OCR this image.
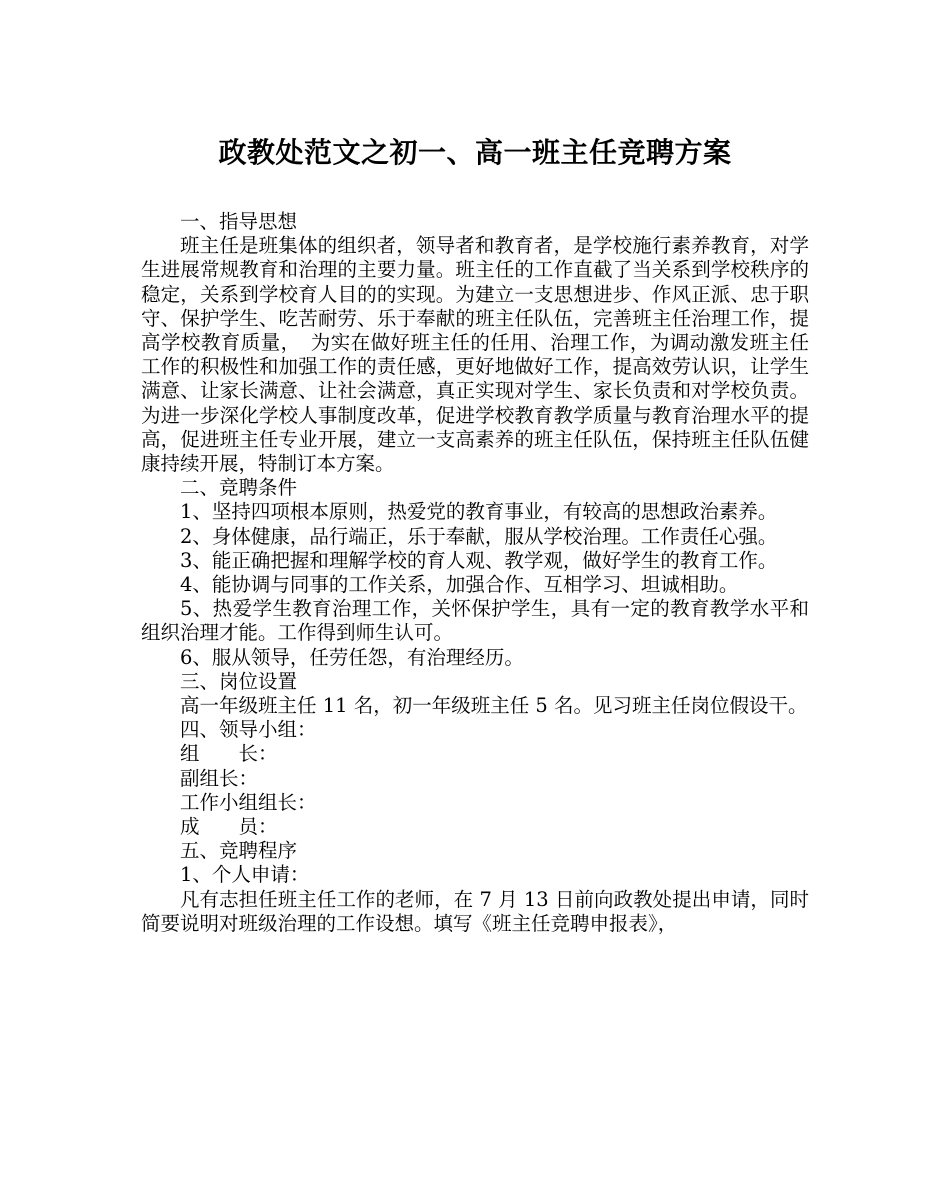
政教处范文之初一、高一班主任竞聘方案

一、指导思想

班主任是班集体的组织者，领导者和教育者，是学校施行素养教育，对学生进展常规教育和治理的主要力量。班主任的工作直截了当关系到学校秩序的稳定，关系到学校育人目的的实现。为建立一支思想进步、作风正派、忠于职守、保护学生、吃苦耐劳、乐于奉献的班主任队伍，完善班主任治理工作，提高学校教育质量，　为实在做好班主任的任用、治理工作，为调动激发班主任工作的积极性和加强工作的责任感，更好地做好工作，提高效劳认识，让学生满意、让家长满意、让社会满意，真正实现对学生、家长负责和对学校负责。为进一步深化学校人事制度改革，促进学校教育教学质量与教育治理水平的提高，促进班主任专业开展，建立一支高素养的班主任队伍，保持班主任队伍健康持续开展，特制订本方案。

二、竞聘条件

1、坚持四项根本原则，热爱党的教育事业，有较高的思想政治素养。

2、身体健康，品行端正，乐于奉献，服从学校治理。工作责任心强。

3、能正确把握和理解学校的育人观、教学观，做好学生的教育工作。

4、能协调与同事的工作关系，加强合作、互相学习、坦诚相助。

5、热爱学生教育治理工作，关怀保护学生，具有一定的教育教学水平和组织治理才能。工作得到师生认可。

6、服从领导，任劳任怨，有治理经历。

三、岗位设置

高一年级班主任 11 名，初一年级班主任 5 名。见习班主任岗位假设干。

四、领导小组：

组　　长：

副组长：

工作小组组长：

成　　员：

五、竞聘程序

1、个人申请：

凡有志担任班主任工作的老师，在 7 月 13 日前向政教处提出申请，同时简要说明对班级治理的工作设想。填写《班主任竞聘申报表》，
